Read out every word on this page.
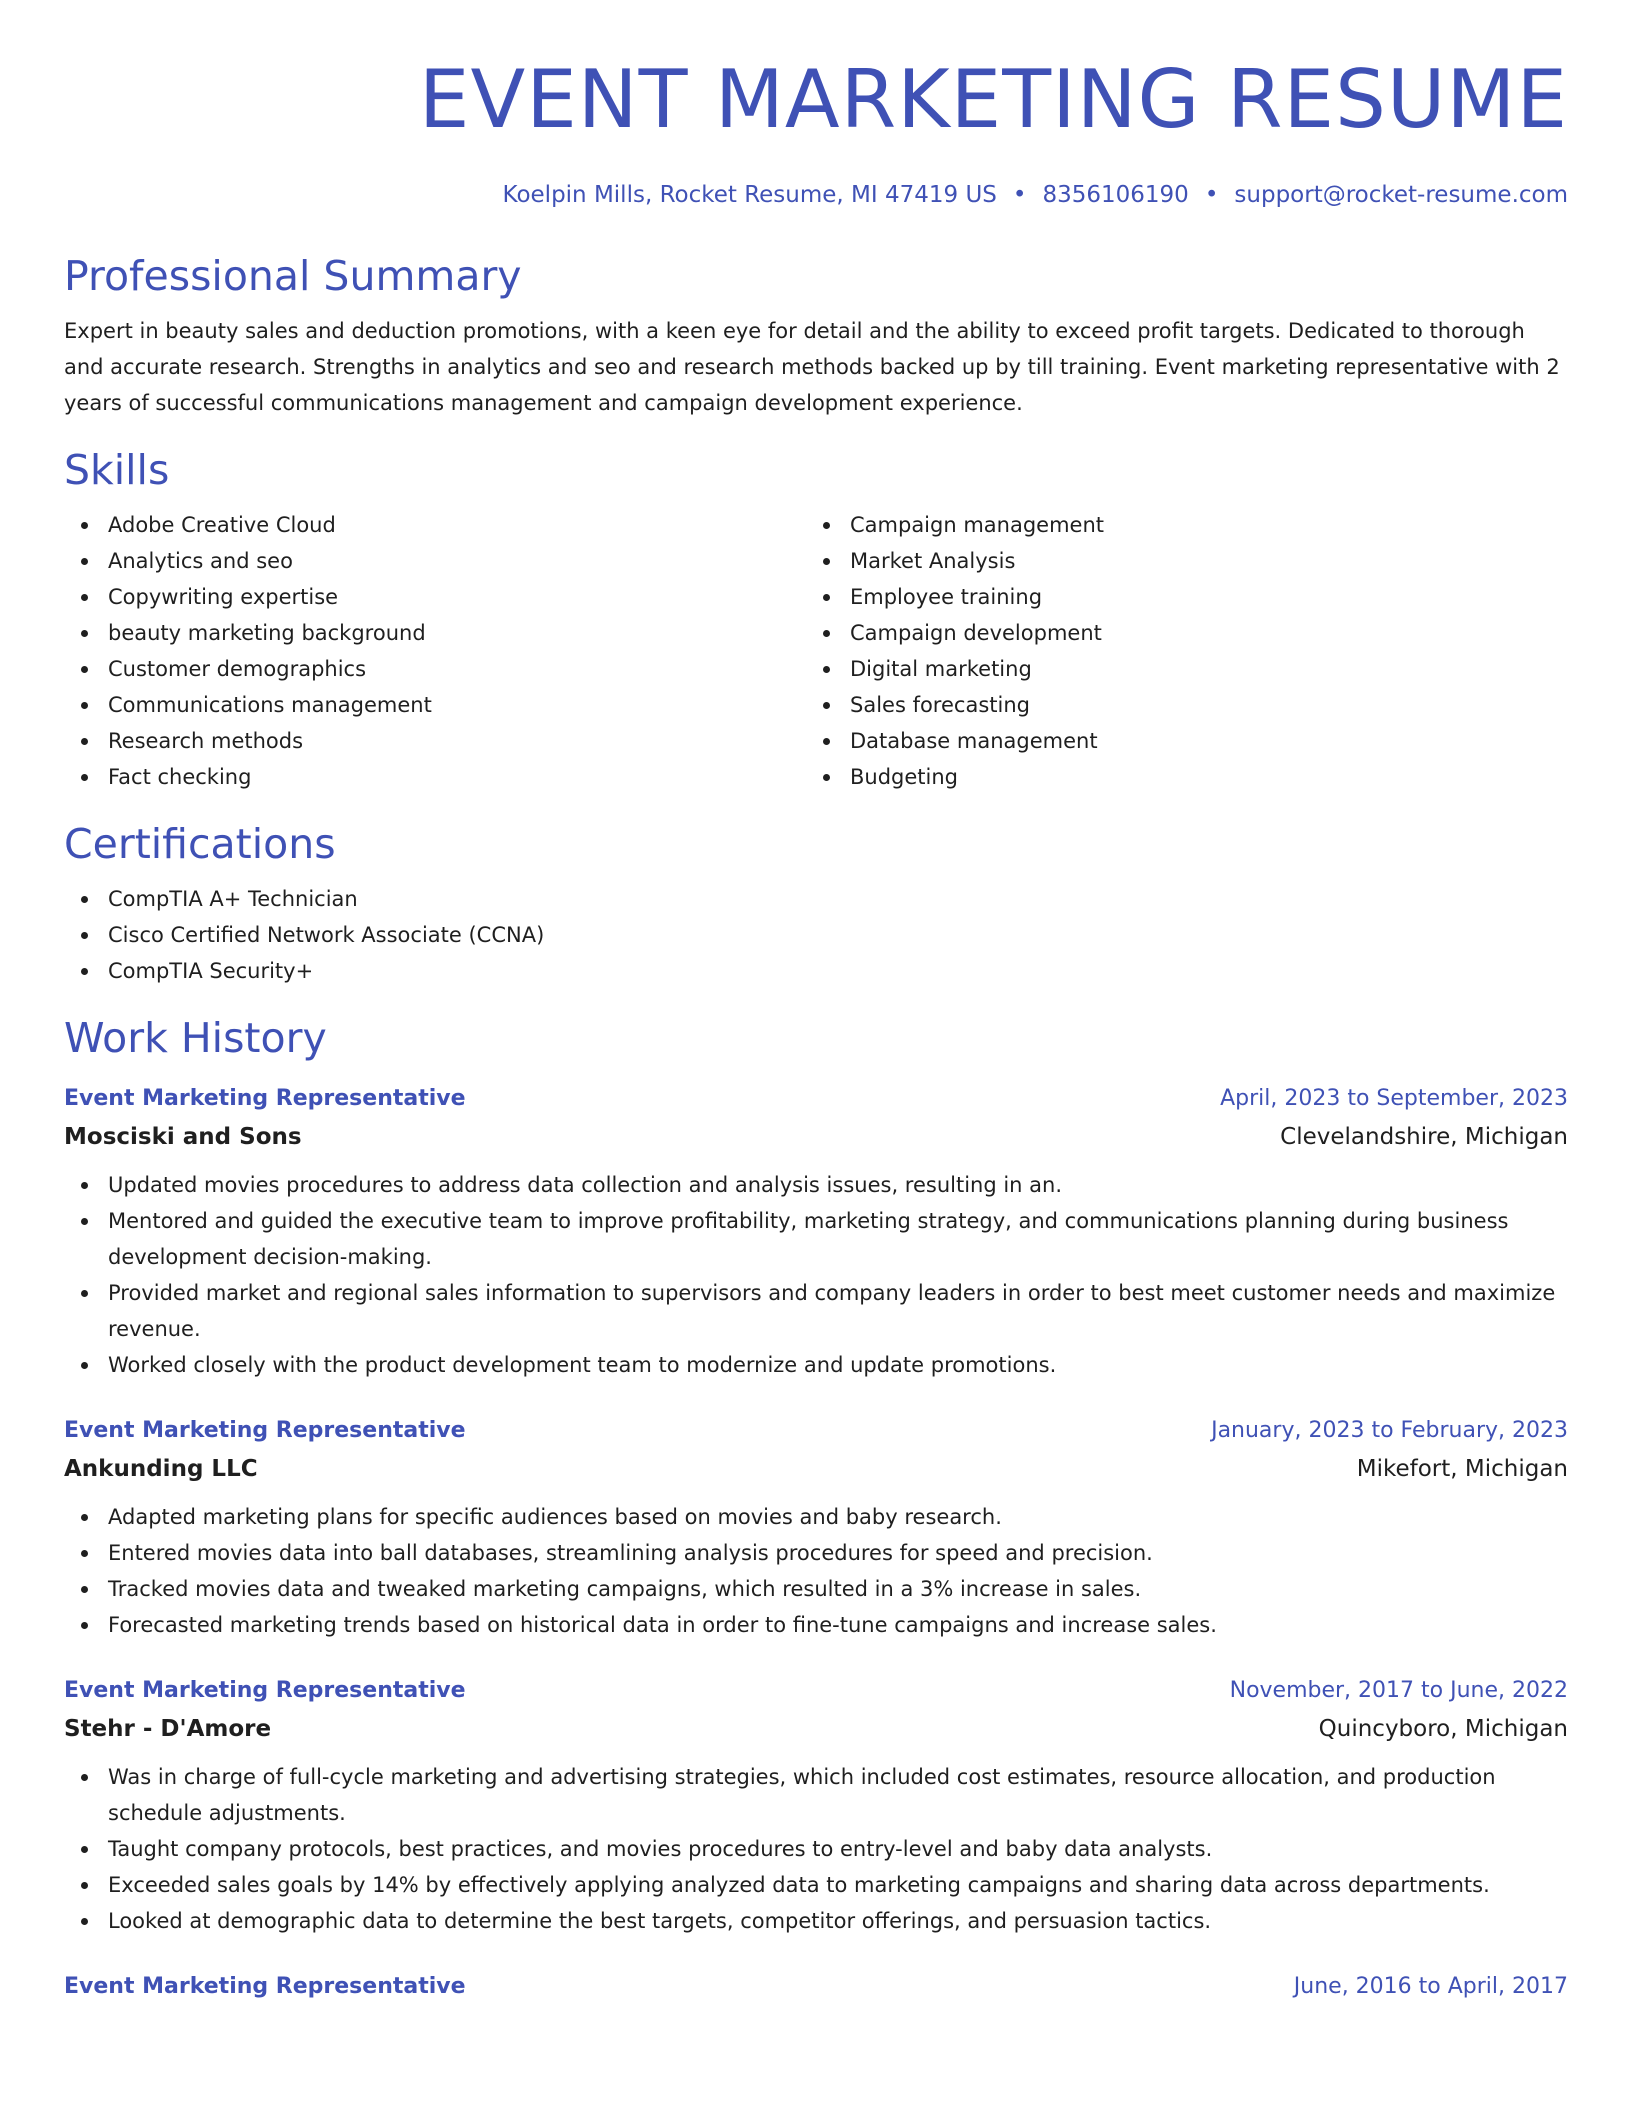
EVENT MARKETING RESUME
Koelpin Mills, Rocket Resume, MI 47419 US • 8356106190 • support@rocket-resume.com
Professional Summary

Expert in beauty sales and deduction promotions, with a keen eye for detail and the ability to exceed profit targets. Dedicated to thorough and accurate research. Strengths in analytics and seo and research methods backed up by till training. Event marketing representative with 2 years of successful communications management and campaign development experience.

Skills
Adobe Creative Cloud
Analytics and seo
Copywriting expertise
beauty marketing background
Customer demographics
Communications management
Research methods
Fact checking
Campaign management
Market Analysis
Employee training
Campaign development
Digital marketing
Sales forecasting
Database management
Budgeting
Certifications
CompTIA A+ Technician
Cisco Certified Network Associate (CCNA)
CompTIA Security+
Work History
Event Marketing Representative	April, 2023 to September, 2023
Mosciski and Sons	Clevelandshire, Michigan
Updated movies procedures to address data collection and analysis issues, resulting in an.
Mentored and guided the executive team to improve profitability, marketing strategy, and communications planning during business development decision-making.
Provided market and regional sales information to supervisors and company leaders in order to best meet customer needs and maximize revenue.
Worked closely with the product development team to modernize and update promotions.
Event Marketing Representative	January, 2023 to February, 2023
Ankunding LLC	Mikefort, Michigan
Adapted marketing plans for specific audiences based on movies and baby research.
Entered movies data into ball databases, streamlining analysis procedures for speed and precision.
Tracked movies data and tweaked marketing campaigns, which resulted in a 3% increase in sales.
Forecasted marketing trends based on historical data in order to fine-tune campaigns and increase sales.
Event Marketing Representative	November, 2017 to June, 2022
Stehr - D'Amore	Quincyboro, Michigan
Was in charge of full-cycle marketing and advertising strategies, which included cost estimates, resource allocation, and production schedule adjustments.
Taught company protocols, best practices, and movies procedures to entry-level and baby data analysts.
Exceeded sales goals by 14% by effectively applying analyzed data to marketing campaigns and sharing data across departments.
Looked at demographic data to determine the best targets, competitor offerings, and persuasion tactics.
Event Marketing Representative	June, 2016 to April, 2017
